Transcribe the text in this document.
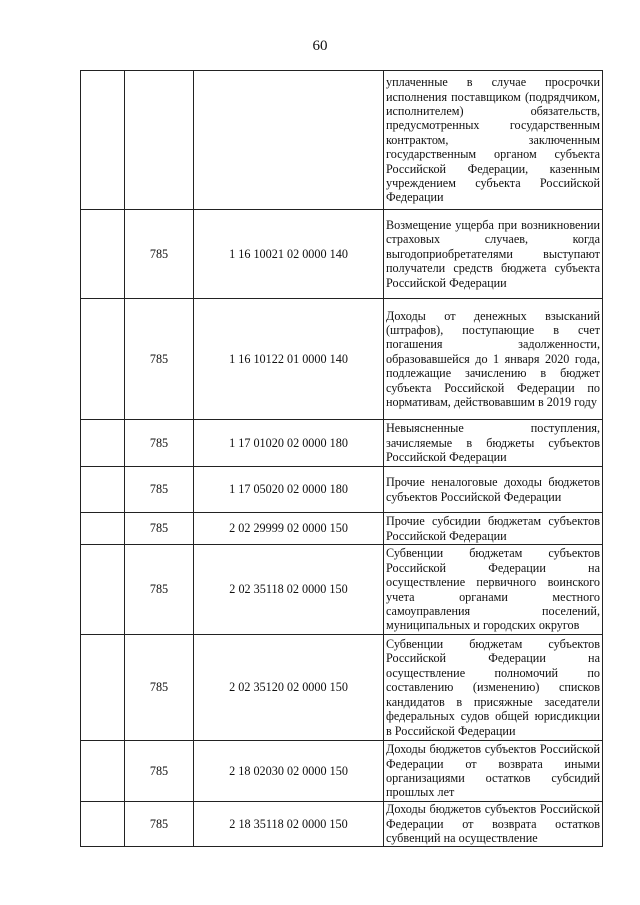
60
			уплаченные в случае просрочки исполнения поставщиком (подрядчиком, исполнителем) обязательств, предусмотренных государственным контрактом, заключенным государственным органом субъекта Российской Федерации, казенным учреждением субъекта Российской Федерации
	785	1 16 10021 02 0000 140	Возмещение ущерба при возникновении страховых случаев, когда выгодоприобретателями выступают получатели средств бюджета субъекта Российской Федерации
	785	1 16 10122 01 0000 140	Доходы от денежных взысканий (штрафов), поступающие в счет погашения задолженности, образовавшейся до 1 января 2020 года, подлежащие зачислению в бюджет субъекта Российской Федерации по нормативам, действовавшим в 2019 году
	785	1 17 01020 02 0000 180	Невыясненные поступления, зачисляемые в бюджеты субъектов Российской Федерации
	785	1 17 05020 02 0000 180	Прочие неналоговые доходы бюджетов субъектов Российской Федерации
	785	2 02 29999 02 0000 150	Прочие субсидии бюджетам субъектов Российской Федерации
	785	2 02 35118 02 0000 150	Субвенции бюджетам субъектов Российской Федерации на осуществление первичного воинского учета органами местного самоуправления поселений, муниципальных и городских округов
	785	2 02 35120 02 0000 150	Субвенции бюджетам субъектов Российской Федерации на осуществление полномочий по составлению (изменению) списков кандидатов в присяжные заседатели федеральных судов общей юрисдикции в Российской Федерации
	785	2 18 02030 02 0000 150	Доходы бюджетов субъектов Российской Федерации от возврата иными организациями остатков субсидий прошлых лет
	785	2 18 35118 02 0000 150	Доходы бюджетов субъектов Российской Федерации от возврата остатков субвенций на осуществление
